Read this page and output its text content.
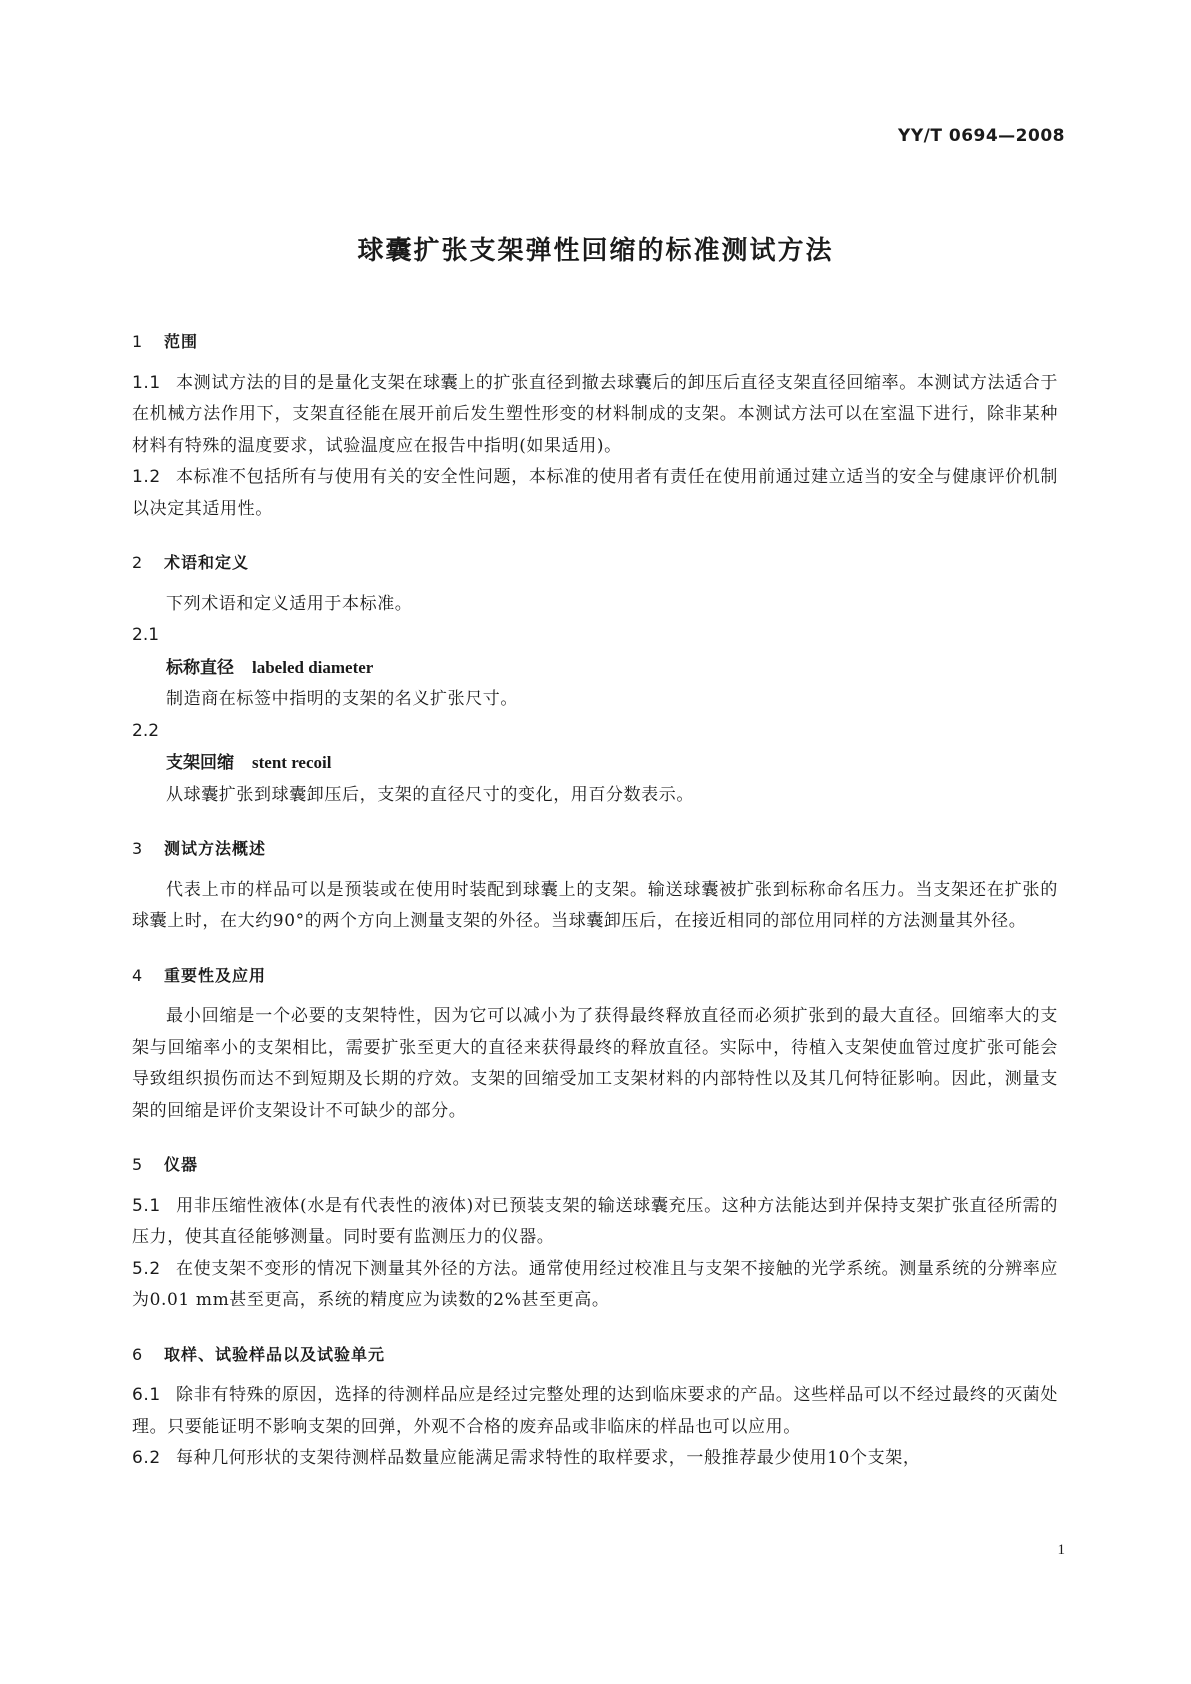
YY/T 0694—2008
球囊扩张支架弹性回缩的标准测试方法
1 范围
1.1 本测试方法的目的是量化支架在球囊上的扩张直径到撤去球囊后的卸压后直径支架直径回缩率。本测试方法适合于在机械方法作用下，支架直径能在展开前后发生塑性形变的材料制成的支架。本测试方法可以在室温下进行，除非某种材料有特殊的温度要求，试验温度应在报告中指明(如果适用)。
1.2 本标准不包括所有与使用有关的安全性问题，本标准的使用者有责任在使用前通过建立适当的安全与健康评价机制以决定其适用性。
2 术语和定义
下列术语和定义适用于本标准。
2.1
标称直径 labeled diameter
制造商在标签中指明的支架的名义扩张尺寸。
2.2
支架回缩 stent recoil
从球囊扩张到球囊卸压后，支架的直径尺寸的变化，用百分数表示。
3 测试方法概述
代表上市的样品可以是预装或在使用时装配到球囊上的支架。输送球囊被扩张到标称命名压力。当支架还在扩张的球囊上时，在大约90°的两个方向上测量支架的外径。当球囊卸压后，在接近相同的部位用同样的方法测量其外径。
4 重要性及应用
最小回缩是一个必要的支架特性，因为它可以减小为了获得最终释放直径而必须扩张到的最大直径。回缩率大的支架与回缩率小的支架相比，需要扩张至更大的直径来获得最终的释放直径。实际中，待植入支架使血管过度扩张可能会导致组织损伤而达不到短期及长期的疗效。支架的回缩受加工支架材料的内部特性以及其几何特征影响。因此，测量支架的回缩是评价支架设计不可缺少的部分。
5 仪器
5.1 用非压缩性液体(水是有代表性的液体)对已预装支架的输送球囊充压。这种方法能达到并保持支架扩张直径所需的压力，使其直径能够测量。同时要有监测压力的仪器。
5.2 在使支架不变形的情况下测量其外径的方法。通常使用经过校准且与支架不接触的光学系统。测量系统的分辨率应为0.01 mm甚至更高，系统的精度应为读数的2%甚至更高。
6 取样、试验样品以及试验单元
6.1 除非有特殊的原因，选择的待测样品应是经过完整处理的达到临床要求的产品。这些样品可以不经过最终的灭菌处理。只要能证明不影响支架的回弹，外观不合格的废弃品或非临床的样品也可以应用。
6.2 每种几何形状的支架待测样品数量应能满足需求特性的取样要求，一般推荐最少使用10个支架，
1
